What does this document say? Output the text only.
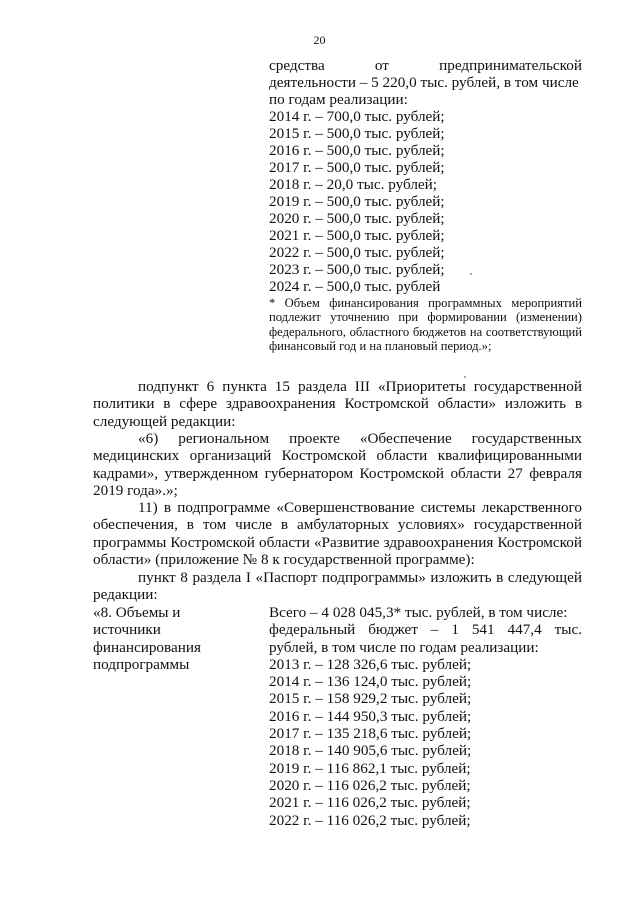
20
средства от предпринимательской
деятельности – 5 220,0 тыс. рублей, в том числе
по годам реализации:
2014 г. – 700,0 тыс. рублей;
2015 г. – 500,0 тыс. рублей;
2016 г. – 500,0 тыс. рублей;
2017 г. – 500,0 тыс. рублей;
2018 г. – 20,0 тыс. рублей;
2019 г. – 500,0 тыс. рублей;
2020 г. – 500,0 тыс. рублей;
2021 г. – 500,0 тыс. рублей;
2022 г. – 500,0 тыс. рублей;
2023 г. – 500,0 тыс. рублей;
2024 г. – 500,0 тыс. рублей
* Объем финансирования программных мероприятий подлежит уточнению при формировании (изменении) федерального, областного бюджетов на соответствующий финансовый год и на плановый период.»;
подпункт 6 пункта 15 раздела III «Приоритеты государственной политики в сфере здравоохранения Костромской области» изложить в следующей редакции:
«6) региональном проекте «Обеспечение государственных медицинских организаций Костромской области квалифицированными кадрами», утвержденном губернатором Костромской области 27 февраля 2019 года».»;
11) в подпрограмме «Совершенствование системы лекарственного обеспечения, в том числе в амбулаторных условиях» государственной программы Костромской области «Развитие здравоохранения Костромской области» (приложение № 8 к государственной программе):
пункт 8 раздела I «Паспорт подпрограммы» изложить в следующей редакции:
«8. Объемы и
источники
финансирования
подпрограммы
Всего – 4 028 045,3* тыс. рублей, в том числе:
федеральный бюджет – 1 541 447,4 тыс.
рублей, в том числе по годам реализации:
2013 г. – 128 326,6 тыс. рублей;
2014 г. – 136 124,0 тыс. рублей;
2015 г. – 158 929,2 тыс. рублей;
2016 г. – 144 950,3 тыс. рублей;
2017 г. – 135 218,6 тыс. рублей;
2018 г. – 140 905,6 тыс. рублей;
2019 г. – 116 862,1 тыс. рублей;
2020 г. – 116 026,2 тыс. рублей;
2021 г. – 116 026,2 тыс. рублей;
2022 г. – 116 026,2 тыс. рублей;
